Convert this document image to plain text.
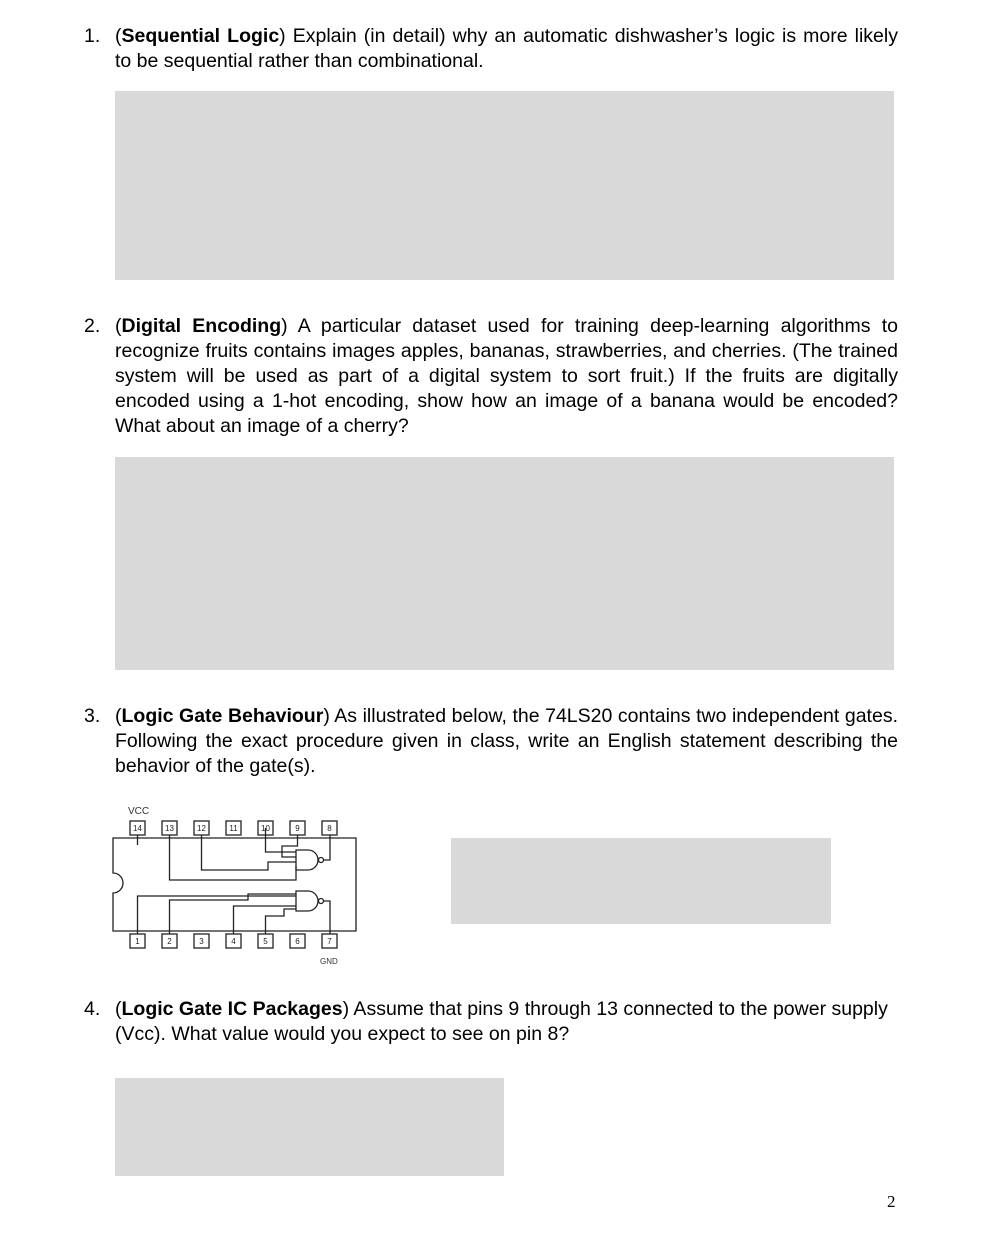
1. (Sequential Logic) Explain (in detail) why an automatic dishwasher’s logic is more likely to be sequential rather than combinational.
2. (Digital Encoding) A particular dataset used for training deep-learning algorithms to recognize fruits contains images apples, bananas, strawberries, and cherries. (The trained system will be used as part of a digital system to sort fruit.) If the fruits are digitally encoded using a 1-hot encoding, show how an image of a banana would be encoded? What about an image of a cherry?
3. (Logic Gate Behaviour) As illustrated below, the 74LS20 contains two independent gates. Following the exact procedure given in class, write an English statement describing the behavior of the gate(s).
VCC
14	13	12	11	10	9	8
1	2	3	4	5	6	7
GND
4. (Logic Gate IC Packages) Assume that pins 9 through 13 connected to the power supply (Vcc). What value would you expect to see on pin 8?
2
